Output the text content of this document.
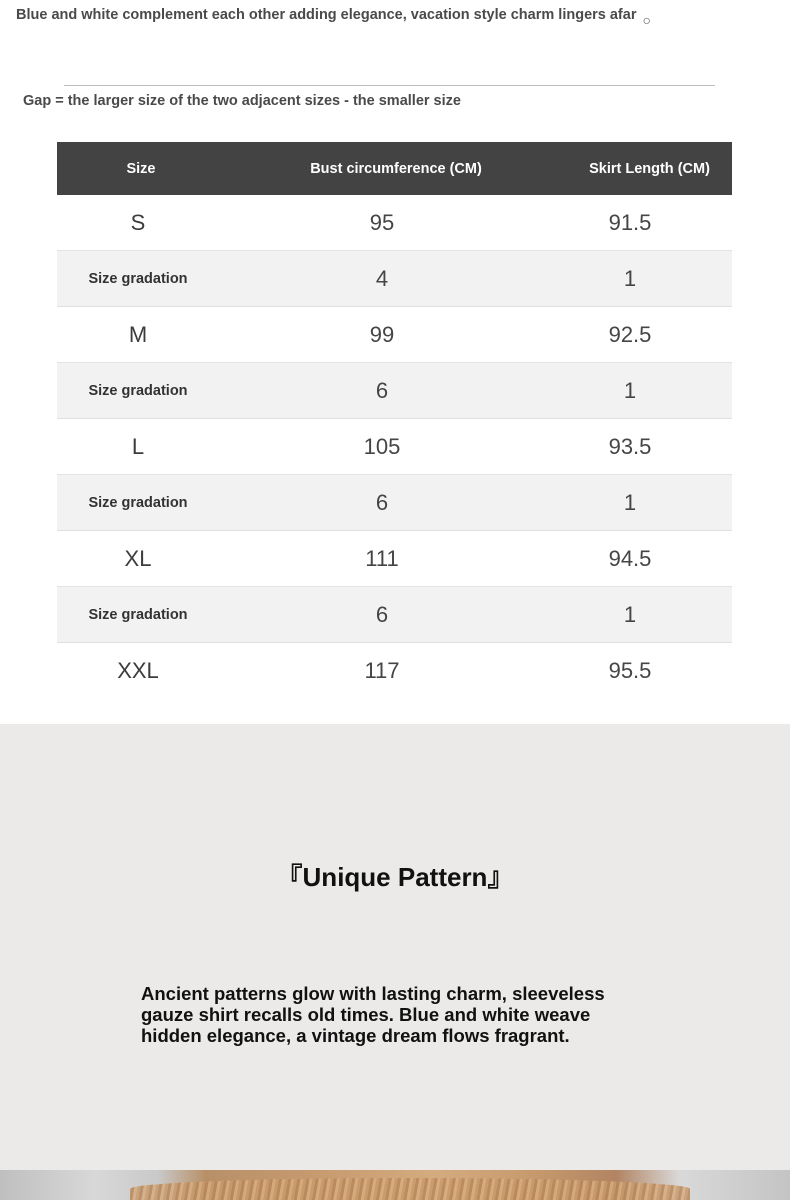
Blue and white complement each other adding elegance, vacation style charm lingers afar ○
Gap = the larger size of the two adjacent sizes - the smaller size
Size	Bust circumference (CM)	Skirt Length (CM)
S	95	91.5
Size gradation	4	1
M	99	92.5
Size gradation	6	1
L	105	93.5
Size gradation	6	1
XL	111	94.5
Size gradation	6	1
XXL	117	95.5
『Unique Pattern』
Ancient patterns glow with lasting charm, sleeveless gauze shirt recalls old times. Blue and white weave hidden elegance, a vintage dream flows fragrant.
